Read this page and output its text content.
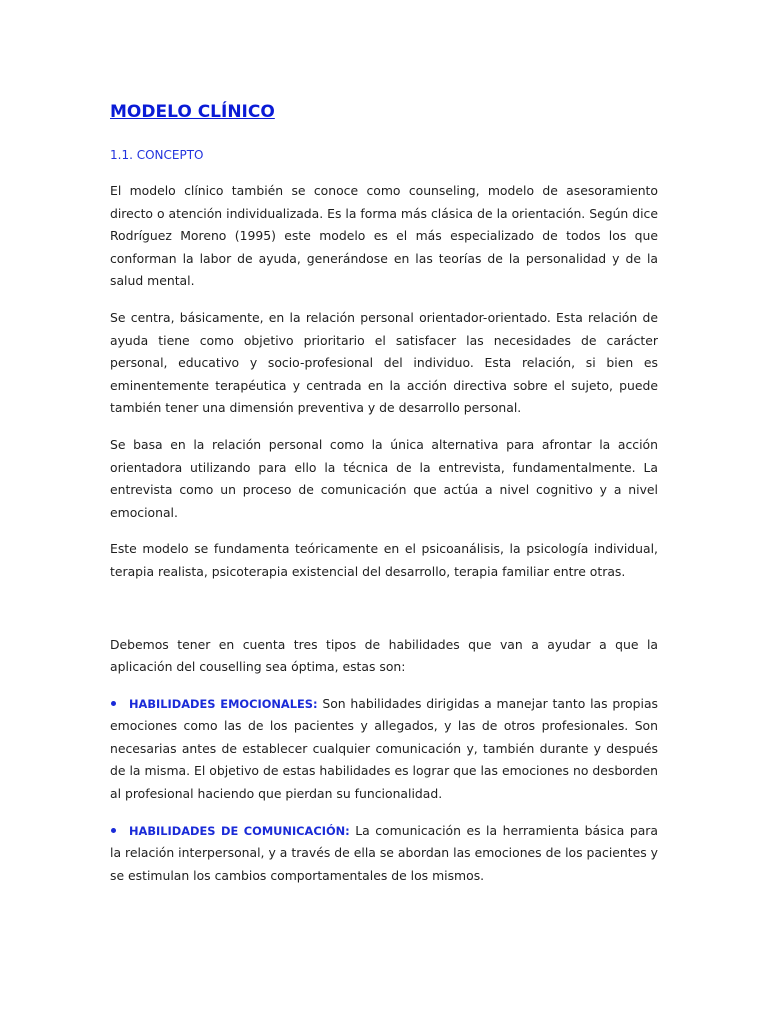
MODELO CLÍNICO
1.1. CONCEPTO

El modelo clínico también se conoce como counseling, modelo de asesoramiento directo o atención individualizada. Es la forma más clásica de la orientación. Según dice Rodríguez Moreno (1995) este modelo es el más especializado de todos los que conforman la labor de ayuda, generándose en las teorías de la personalidad y de la salud mental.

Se centra, básicamente, en la relación personal orientador-orientado. Esta relación de ayuda tiene como objetivo prioritario el satisfacer las necesidades de carácter personal, educativo y socio-profesional del individuo. Esta relación, si bien es eminentemente terapéutica y centrada en la acción directiva sobre el sujeto, puede también tener una dimensión preventiva y de desarrollo personal.

Se basa en la relación personal como la única alternativa para afrontar la acción orientadora utilizando para ello la técnica de la entrevista, fundamentalmente. La entrevista como un proceso de comunicación que actúa a nivel cognitivo y a nivel emocional.

Este modelo se fundamenta teóricamente en el psicoanálisis, la psicología individual, terapia realista, psicoterapia existencial del desarrollo, terapia familiar entre otras.

Debemos tener en cuenta tres tipos de habilidades que van a ayudar a que la aplicación del couselling sea óptima, estas son:

HABILIDADES EMOCIONALES: Son habilidades dirigidas a manejar tanto las propias emociones como las de los pacientes y allegados, y las de otros profesionales. Son necesarias antes de establecer cualquier comunicación y, también durante y después de la misma. El objetivo de estas habilidades es lograr que las emociones no desborden al profesional haciendo que pierdan su funcionalidad.
HABILIDADES DE COMUNICACIÓN: La comunicación es la herramienta básica para la relación interpersonal, y a través de ella se abordan las emociones de los pacientes y se estimulan los cambios comportamentales de los mismos.
